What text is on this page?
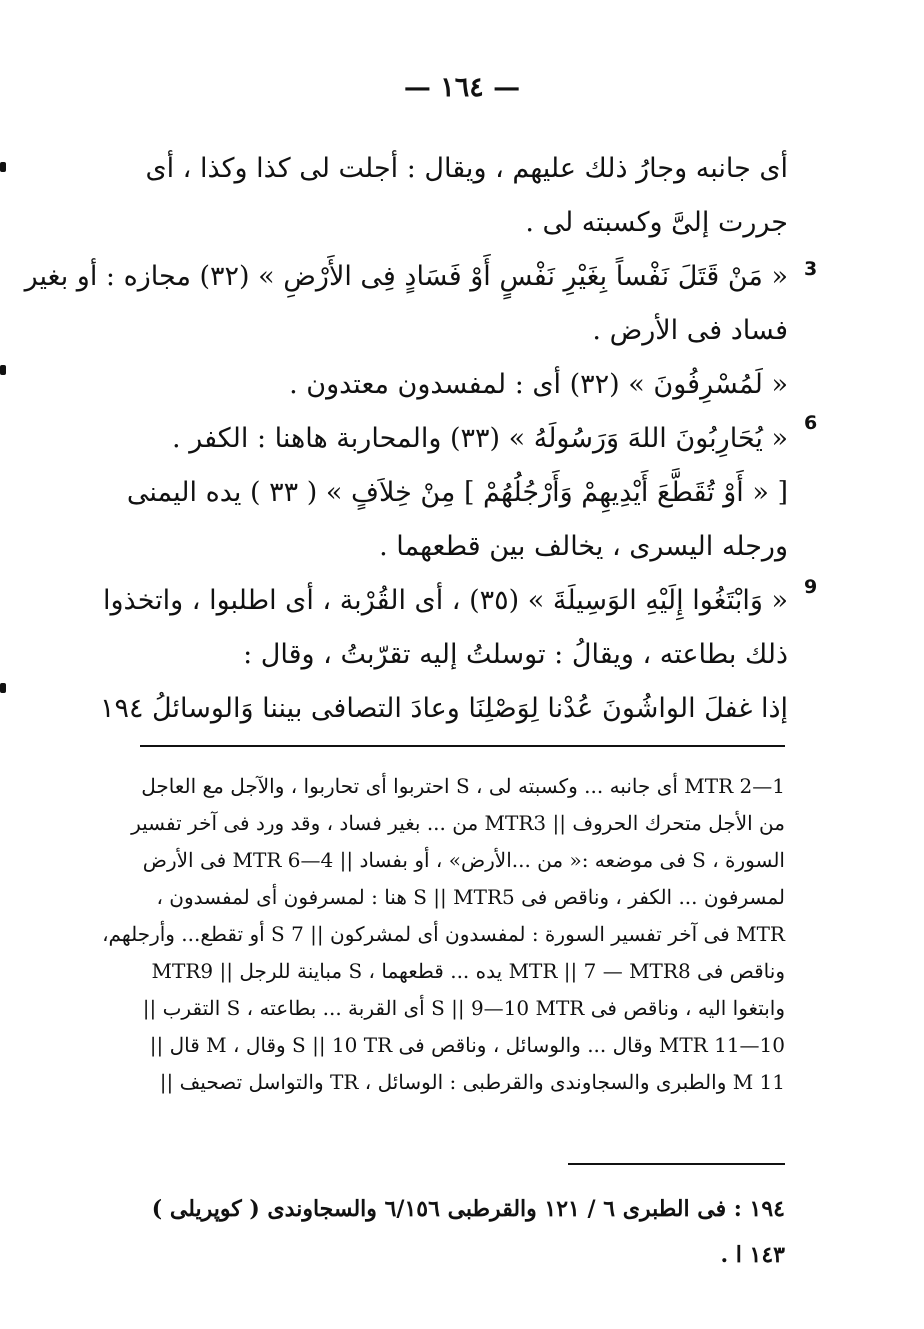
— ١٦٤ —
3
6
9
أى جانبه وجارُ ذلك عليهم ، ويقال : أجلت لى كذا وكذا ، أى
جررت إلىَّ وكسبته لى .
« مَنْ قَتَلَ نَفْساً بِغَيْرِ نَفْسٍ أَوْ فَسَادٍ فِى الأَرْضِ » (٣٢) مجازه : أو بغير
فساد فى الأرض .
« لَمُسْرِفُونَ » (٣٢) أى : لمفسدون معتدون .
« يُحَارِبُونَ اللهَ وَرَسُولَهُ » (٣٣) والمحاربة هاهنا : الكفر .
[ « أَوْ تُقَطَّعَ أَيْدِيهِمْ وَأَرْجُلُهُمْ ] مِنْ خِلاَفٍ » ( ٣٣ ) يده اليمنى
ورجله اليسرى ، يخالف بين قطعهما .
« وَابْتَغُوا إِلَيْهِ الوَسِيلَةَ » (٣٥) ، أى القُرْبة ، أى اطلبوا ، واتخذوا
ذلك بطاعته ، ويقالُ : توسلتُ إليه تقرّبتُ ، وقال :
إذا غفلَ الواشُونَ عُدْنا لِوَصْلِنَا وعادَ التصافى بيننا وَالوسائلُ ١٩٤
1—2 MTR أى جانبه ... وكسبته لى ، S احتربوا أى تحاربوا ، والآجل مع العاجل
من الأجل متحرك الحروف || MTR3 من ... بغير فساد ، وقد ورد فى آخر تفسير
السورة ، S فى موضعه :« من ...الأرض» ، أو بفساد || 4—6 MTR فى الأرض
لمسرفون ... الكفر ، وناقص فى S || MTR5 هنا : لمسرفون أى لمفسدون ،
MTR فى آخر تفسير السورة : لمفسدون أى لمشركون || 7 S أو تقطع... وأرجلهم،
وناقص فى MTR || 7 — MTR8 يده ... قطعهما ، S مباينة للرجل || MTR9
وابتغوا اليه ، وناقص فى S || 9—10 MTR أى القربة ... بطاعته ، S التقرب ||
10—11 MTR وقال ... والوسائل ، وناقص فى S || 10 TR وقال ، M قال ||
11 M والطبرى والسجاوندى والقرطبى : الوسائل ، TR والتواسل تصحيف ||
١٩٤ : فى الطبرى ٦ / ١٢١ والقرطبى ٦/١٥٦ والسجاوندى ( كوپريلى )
١٤٣ ا .
